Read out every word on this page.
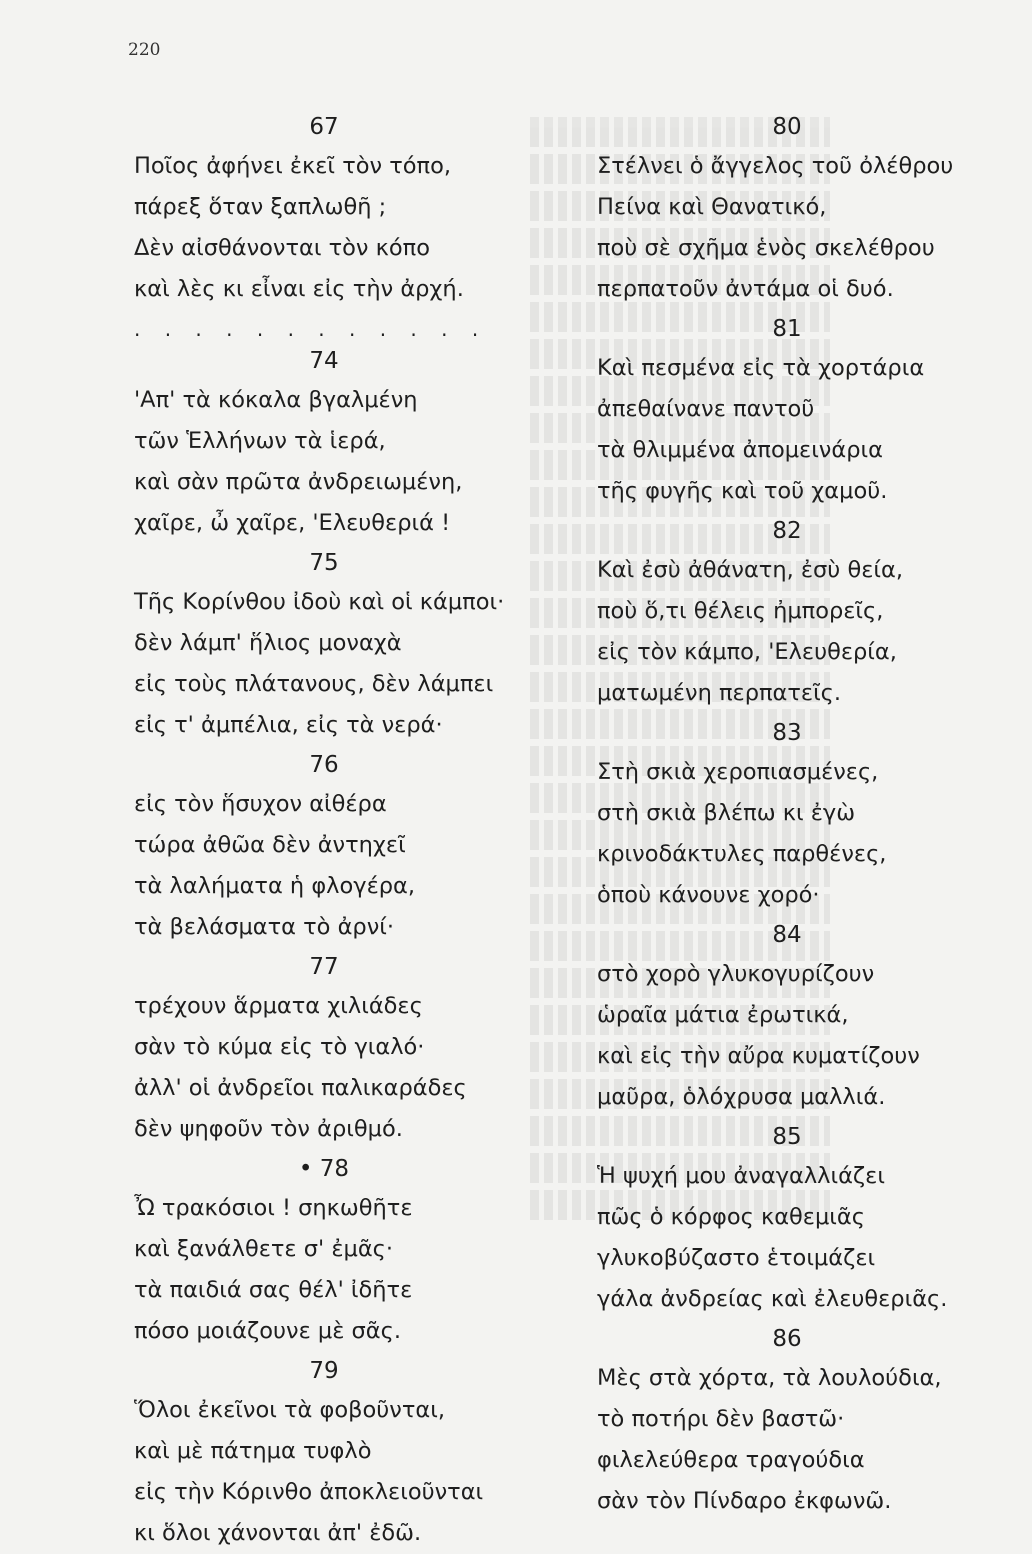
220
67
Ποῖος ἀφήνει ἐκεῖ τὸν τόπο,
πάρεξ ὅταν ξαπλωθῆ ;
Δὲν αἰσθάνονται τὸν κόπο
καὶ λὲς κι εἶναι εἰς τὴν ἀρχή.
. . . . . . . . . . . .
74
'Απ' τὰ κόκαλα βγαλμένη
τῶν Ἑλλήνων τὰ ἱερά,
καὶ σὰν πρῶτα ἀνδρειωμένη,
χαῖρε, ὦ χαῖρε, 'Ελευθεριά !
75
Τῆς Κορίνθου ἰδοὺ καὶ οἱ κάμποι·
δὲν λάμπ' ἥλιος μοναχὰ
εἰς τοὺς πλάτανους, δὲν λάμπει
εἰς τ' ἀμπέλια, εἰς τὰ νερά·
76
εἰς τὸν ἥσυχον αἰθέρα
τώρα ἀθῶα δὲν ἀντηχεῖ
τὰ λαλήματα ἡ φλογέρα,
τὰ βελάσματα τὸ ἀρνί·
77
τρέχουν ἅρματα χιλιάδες
σὰν τὸ κύμα εἰς τὸ γιαλό·
ἀλλ' οἱ ἀνδρεῖοι παλικαράδες
δὲν ψηφοῦν τὸν ἀριθμό.
• 78
Ὦ τρακόσιοι ! σηκωθῆτε
καὶ ξανάλθετε σ' ἐμᾶς·
τὰ παιδιά σας θέλ' ἰδῆτε
πόσο μοιάζουνε μὲ σᾶς.
79
Ὅλοι ἐκεῖνοι τὰ φοβοῦνται,
καὶ μὲ πάτημα τυφλὸ
εἰς τὴν Κόρινθο ἀποκλειοῦνται
κι ὅλοι χάνονται ἀπ' ἐδῶ.
80
Στέλνει ὁ ἄγγελος τοῦ ὀλέθρου
Πείνα καὶ Θανατικό,
ποὺ σὲ σχῆμα ἑνὸς σκελέθρου
περπατοῦν ἀντάμα οἱ δυό.
81
Καὶ πεσμένα εἰς τὰ χορτάρια
ἀπεθαίνανε παντοῦ
τὰ θλιμμένα ἀπομεινάρια
τῆς φυγῆς καὶ τοῦ χαμοῦ.
82
Καὶ ἐσὺ ἀθάνατη, ἐσὺ θεία,
ποὺ ὅ,τι θέλεις ἠμπορεῖς,
εἰς τὸν κάμπο, 'Ελευθερία,
ματωμένη περπατεῖς.
83
Στὴ σκιὰ χεροπιασμένες,
στὴ σκιὰ βλέπω κι ἐγὼ
κρινοδάκτυλες παρθένες,
ὁποὺ κάνουνε χορό·
84
στὸ χορὸ γλυκογυρίζουν
ὡραῖα μάτια ἐρωτικά,
καὶ εἰς τὴν αὔρα κυματίζουν
μαῦρα, ὁλόχρυσα μαλλιά.
85
Ἡ ψυχή μου ἀναγαλλιάζει
πῶς ὁ κόρφος καθεμιᾶς
γλυκοβύζαστο ἑτοιμάζει
γάλα ἀνδρείας καὶ ἐλευθεριᾶς.
86
Μὲς στὰ χόρτα, τὰ λουλούδια,
τὸ ποτήρι δὲν βαστῶ·
φιλελεύθερα τραγούδια
σὰν τὸν Πίνδαρο ἐκφωνῶ.
